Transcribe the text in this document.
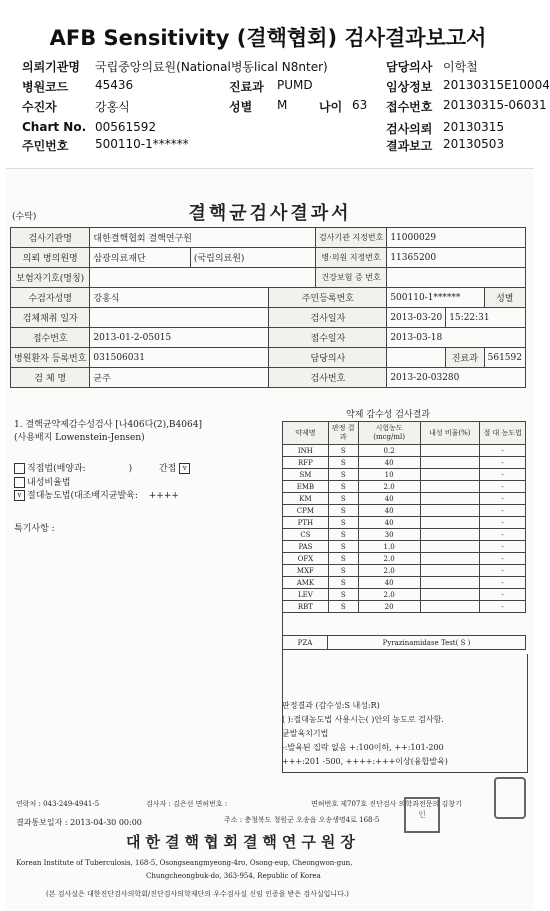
AFB Sensitivity (결핵협회) 검사결과보고서
의뢰기관명 국립중앙의료원(National병동lical N8nter)	담당의사 이학철
병원코드 45436	진료과 PUMD	임상정보 20130315E10004
수진자	강홍식	성별 M	나이 63 접수번호 20130315-06031
Chart No. 00561592	검사의뢰 20130315
주민번호 500110-1******	결과보고 20130503
(수탁)	결핵균검사결과서
검사기관명	대한결핵협회 결핵연구원			검사기관 지정번호	11000029		
의뢰 병의원명	삼광의료재단	(국립의료원)		병·의원 지정번호	11365200		
보험자기호(명칭)				건강보험 증 번호			
수검자성명	강홍식		주민등록번호		500110-1******		성별
검체채취 일자			검사일자		2013-03-20	15:22:31	
접수번호	2013-01-2-05015		접수일자		2013-03-18		
병원환자 등록번호	031506031		담당의사			진료과	561592
검 체 명	균주		검사번호		2013-20-03280		
1. 결핵균약제감수성검사 [나406다(2),B4064]
(사용배지 Lowenstein-Jensen)
직접법(배양과:	)	간접 v
내성비율법
v 절대농도법(대조배지균발육: ++++
특기사항 :
약제 감수성 검사결과
약제명	판정 결과	시험농도 (mcg/ml)	내성 비율(%)	절 대 농도법
INH	S	0.2		-
RFP	S	40		-
SM	S	10		-
EMB	S	2.0		-
KM	S	40		-
CPM	S	40		-
PTH	S	40		-
CS	S	30		-
PAS	S	1.0		-
OFX	S	2.0		-
MXF	S	2.0		-
AMK	S	40		-
LEV	S	2.0		-
RBT	S	20		-
PZA	Pyrazinamidase Test( S )
판정결과 (감수성:S 내성:R)
( ):절대농도법 사용시는( )안의 농도로 검사함.
균발육치기법
-:발육된 집락 없음 +:100이하, ++:101-200
+++:201 -500, ++++:+++이상(융합발육)
연락처 : 043-249-4941-5	검사자 : 김은선 면허번호 :	면허번호 제707호 진단검사 의학과전문의 김창기
결과통보일자 : 2013-04-30 00:00	주소 : 충청북도 청원군 오송읍 오송생명4로 168-5
대한결핵협회결핵연구원장
Korean Institute of Tuberculosis, 168-5, Osongseangmyeong-4ro, Osong-eup, Cheongwon-gun,
Chungcheongbuk-do, 363-954, Republic of Korea
(본 검사실은 대한진단검사의학회/진단검사의학재단의 우수검사실 신임 인증을 받은 검사실입니다.)
인
